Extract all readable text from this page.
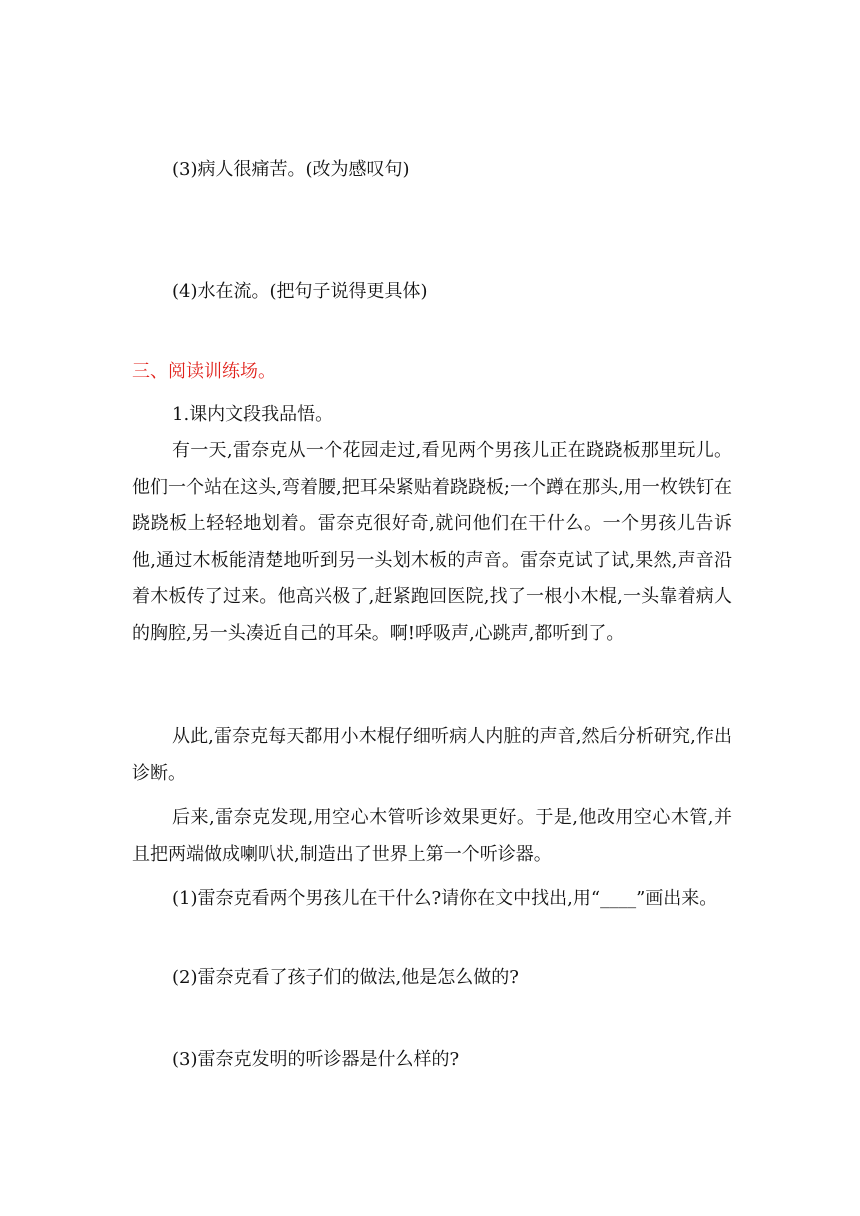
(3)病人很痛苦。(改为感叹句)

(4)水在流。(把句子说得更具体)

三、阅读训练场。

1.课内文段我品悟。

有一天,雷奈克从一个花园走过,看见两个男孩儿正在跷跷板那里玩儿。他们一个站在这头,弯着腰,把耳朵紧贴着跷跷板;一个蹲在那头,用一枚铁钉在跷跷板上轻轻地划着。雷奈克很好奇,就问他们在干什么。一个男孩儿告诉他,通过木板能清楚地听到另一头划木板的声音。雷奈克试了试,果然,声音沿着木板传了过来。他高兴极了,赶紧跑回医院,找了一根小木棍,一头靠着病人的胸腔,另一头凑近自己的耳朵。啊!呼吸声,心跳声,都听到了。

从此,雷奈克每天都用小木棍仔细听病人内脏的声音,然后分析研究,作出诊断。

后来,雷奈克发现,用空心木管听诊效果更好。于是,他改用空心木管,并且把两端做成喇叭状,制造出了世界上第一个听诊器。

(1)雷奈克看两个男孩儿在干什么?请你在文中找出,用“____”画出来。

(2)雷奈克看了孩子们的做法,他是怎么做的?

(3)雷奈克发明的听诊器是什么样的?
